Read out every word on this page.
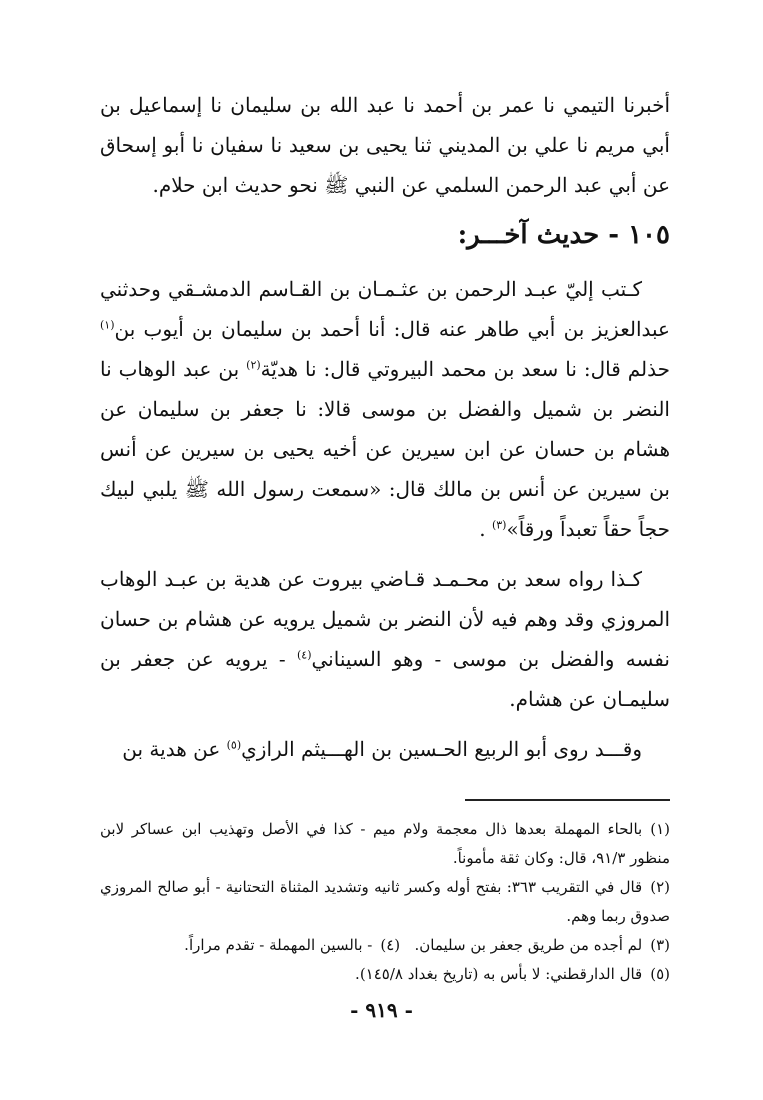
أخبرنا التيمي نا عمر بن أحمد نا عبد الله بن سليمان نا إسماعيل بن أبي مريم نا علي بن المديني ثنا يحيى بن سعيد نا سفيان نا أبو إسحاق عن أبي عبد الرحمن السلمي عن النبي ﷺ نحو حديث ابن حلام.

١٠٥ - حديث آخـــر:

كـتب إليّ عبـد الرحمن بن عثـمـان بن القـاسم الدمشـقي وحدثني عبدالعزيز بن أبي طاهر عنه قال: أنا أحمد بن سليمان بن أيوب بن$^{(١)}$ حذلم قال: نا سعد بن محمد البيروتي قال: نا هديّة$^{(٢)}$ بن عبد الوهاب نا النضر بن شميل والفضل بن موسى قالا: نا جعفر بن سليمان عن هشام بن حسان عن ابن سيرين عن أخيه يحيى بن سيرين عن أنس بن سيرين عن أنس بن مالك قال: «سمعت رسول الله ﷺ يلبي لبيك حجاً حقاً تعبداً ورقاً»$^{(٣)}$ .

كـذا رواه سعد بن محـمـد قـاضي بيروت عن هدية بن عبـد الوهاب المروزي وقد وهم فيه لأن النضر بن شميل يرويه عن هشام بن حسان نفسه والفضل بن موسى - وهو السيناني$^{(٤)}$ - يرويه عن جعفر بن سليمـان عن هشام.

وقـــد روى أبو الربيع الحـسين بن الهـــيثم الرازي$^{(٥)}$ عن هدية بن

(١)بالحاء المهملة بعدها ذال معجمة ولام ميم - كذا في الأصل وتهذيب ابن عساكر لابن منظور ٩١/٣، قال: وكان ثقة مأموناً.

(٢)قال في التقريب ٣٦٣: بفتح أوله وكسر ثانيه وتشديد المثناة التحتانية - أبو صالح المروزي صدوق ربما وهم.

(٣)لم أجده من طريق جعفر بن سليمان.   (٤)- بالسين المهملة - تقدم مراراً.

(٥)قال الدارقطني: لا بأس به (تاريخ بغداد ١٤٥/٨).

- ٩١٩ -
